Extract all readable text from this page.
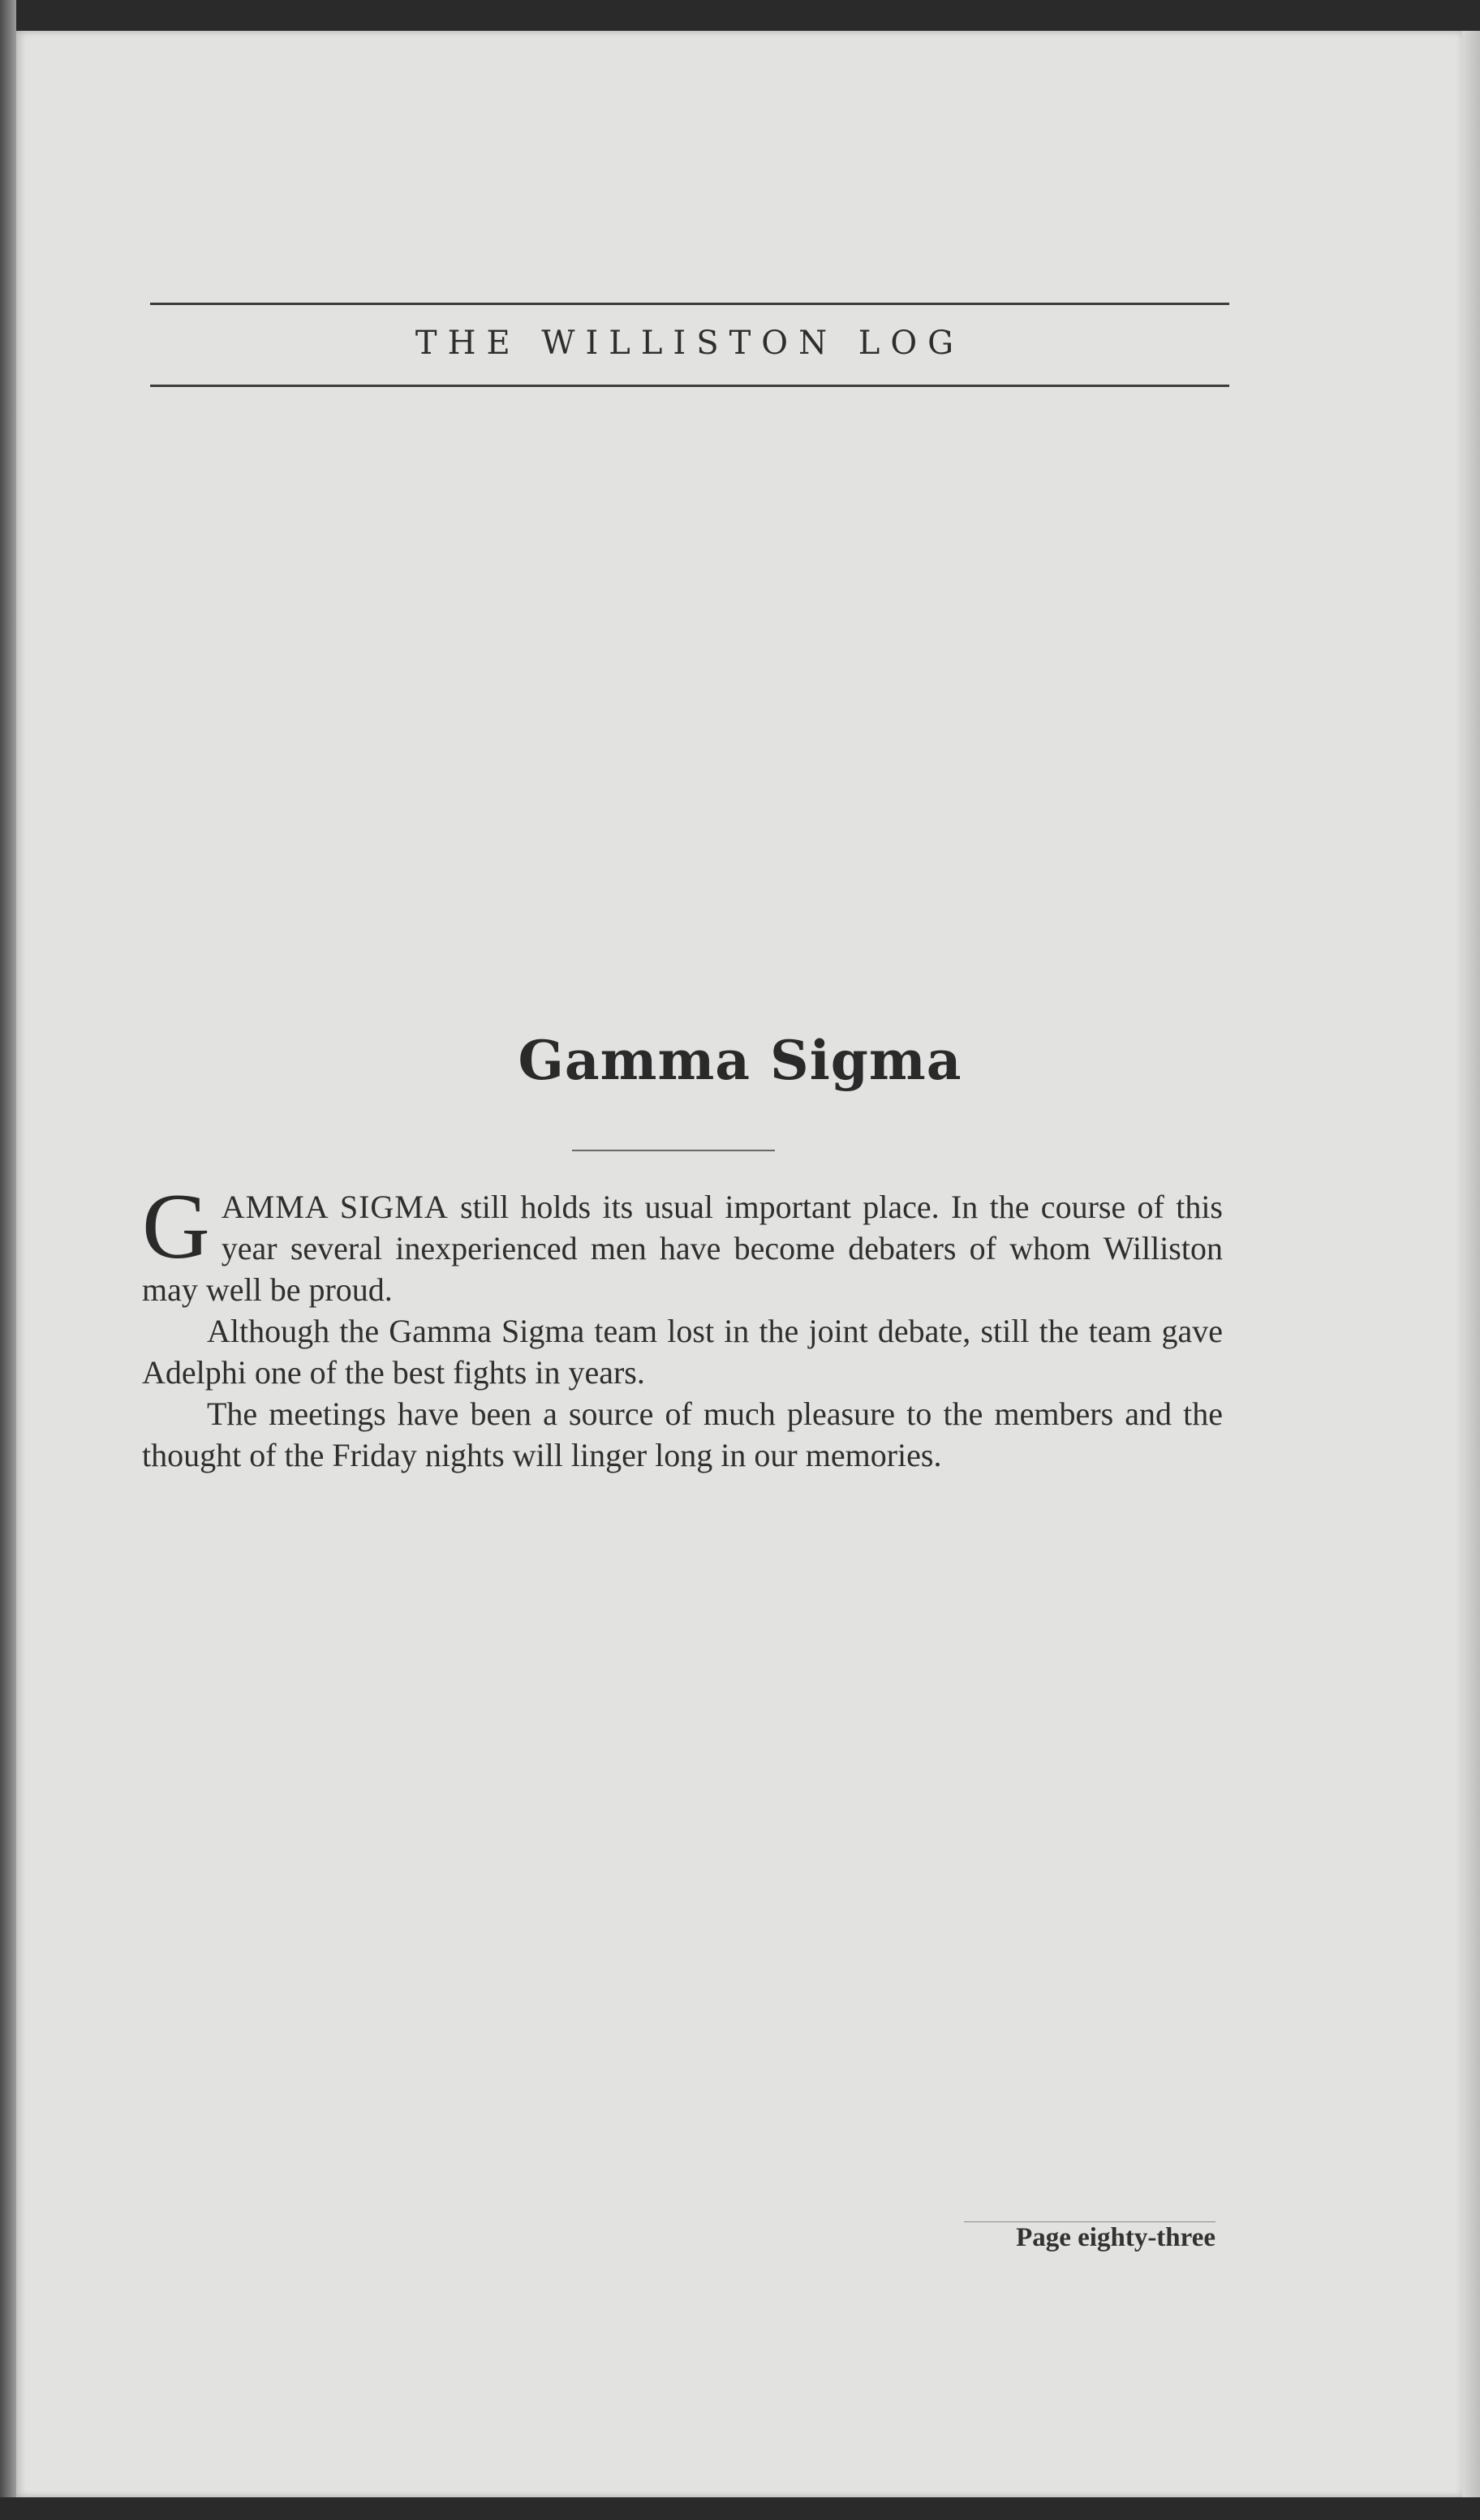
THE WILLISTON LOG
Gamma Sigma

GAMMA SIGMA still holds its usual important place. In the course of this year several inexperienced men have become debaters of whom Williston may well be proud.

Although the Gamma Sigma team lost in the joint debate, still the team gave Adelphi one of the best fights in years.

The meetings have been a source of much pleasure to the members and the thought of the Friday nights will linger long in our memories.

Page eighty-three
